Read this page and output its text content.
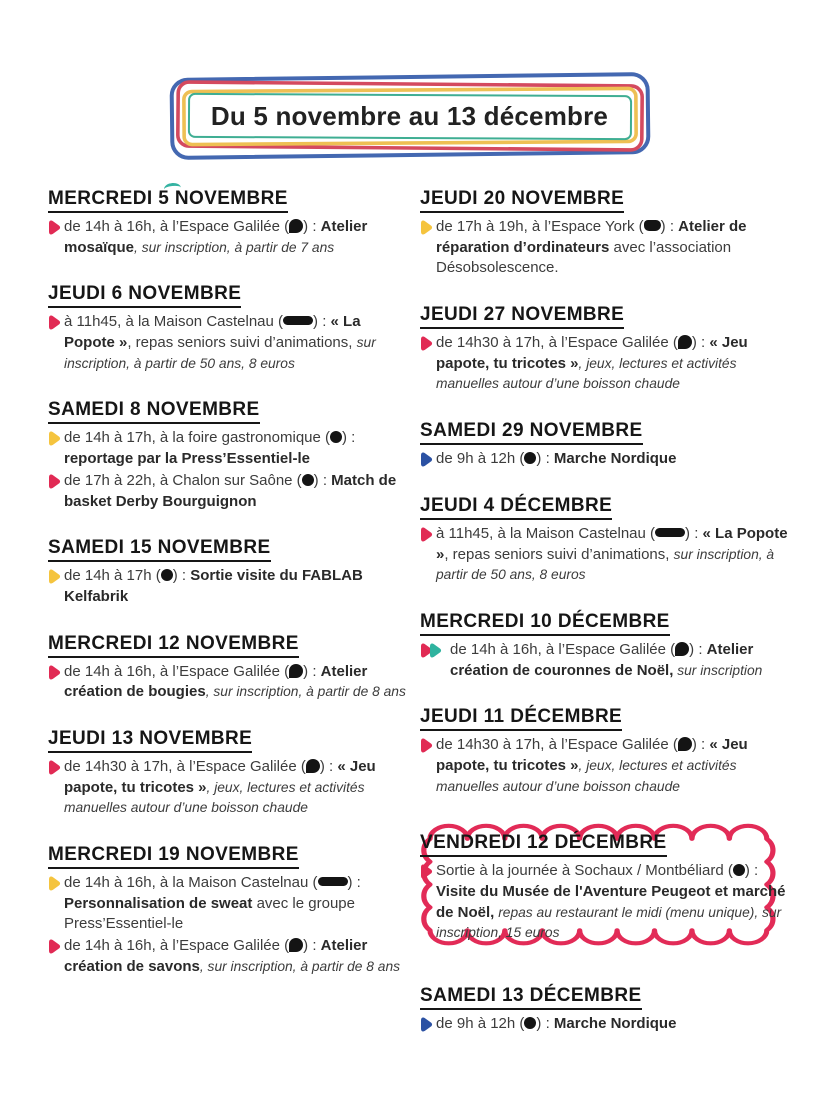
Du 5 novembre au 13 décembre
MERCREDI 5 NOVEMBRE
de 14h à 16h, à l’Espace Galilée ( ) : Atelier mosaïque, sur inscription, à partir de 7 ans
JEUDI 6 NOVEMBRE
à 11h45, à la Maison Castelnau ( ) : « La Popote », repas seniors suivi d’animations, sur inscription, à partir de 50 ans, 8 euros
SAMEDI 8 NOVEMBRE
de 14h à 17h, à la foire gastronomique ( ) : reportage par la Press’Essentiel-le
de 17h à 22h, à Chalon sur Saône ( ) : Match de basket Derby Bourguignon
SAMEDI 15 NOVEMBRE
de 14h à 17h ( ) : Sortie visite du FABLAB Kelfabrik
MERCREDI 12 NOVEMBRE
de 14h à 16h, à l’Espace Galilée ( ) : Atelier création de bougies, sur inscription, à partir de 8 ans
JEUDI 13 NOVEMBRE
de 14h30 à 17h, à l’Espace Galilée ( ) : « Jeu papote, tu tricotes », jeux, lectures et activités manuelles autour d’une boisson chaude
MERCREDI 19 NOVEMBRE
de 14h à 16h, à la Maison Castelnau ( ) : Personnalisation de sweat avec le groupe Press’Essentiel-le
de 14h à 16h, à l’Espace Galilée ( ) : Atelier création de savons, sur inscription, à partir de 8 ans
JEUDI 20 NOVEMBRE
de 17h à 19h, à l’Espace York ( ) : Atelier de réparation d’ordinateurs avec l’association Désobsolescence.
JEUDI 27 NOVEMBRE
de 14h30 à 17h, à l’Espace Galilée ( ) : « Jeu papote, tu tricotes », jeux, lectures et activités manuelles autour d’une boisson chaude
SAMEDI 29 NOVEMBRE
de 9h à 12h ( ) : Marche Nordique
JEUDI 4 DÉCEMBRE
à 11h45, à la Maison Castelnau ( ) : « La Popote », repas seniors suivi d’animations, sur inscription, à partir de 50 ans, 8 euros
MERCREDI 10 DÉCEMBRE
de 14h à 16h, à l’Espace Galilée ( ) : Atelier création de couronnes de Noël, sur inscription
JEUDI 11 DÉCEMBRE
de 14h30 à 17h, à l’Espace Galilée ( ) : « Jeu papote, tu tricotes », jeux, lectures et activités manuelles autour d’une boisson chaude
VENDREDI 12 DÉCEMBRE
Sortie à la journée à Sochaux / Montbéliard ( ) : Visite du Musée de l'Aventure Peugeot et marché de Noël, repas au restaurant le midi (menu unique), sur inscription, 15 euros
SAMEDI 13 DÉCEMBRE
de 9h à 12h ( ) : Marche Nordique
